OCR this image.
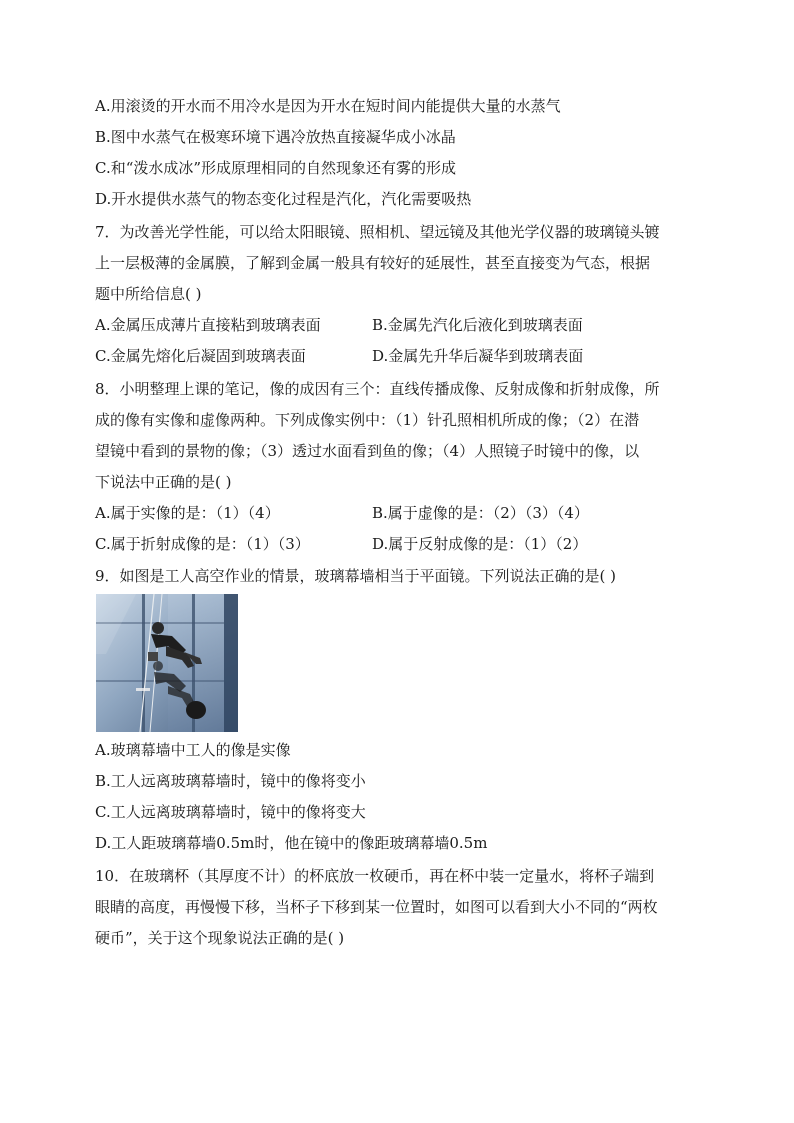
A.用滚烫的开水而不用冷水是因为开水在短时间内能提供大量的水蒸气
B.图中水蒸气在极寒环境下遇冷放热直接凝华成小冰晶
C.和“泼水成冰”形成原理相同的自然现象还有雾的形成
D.开水提供水蒸气的物态变化过程是汽化，汽化需要吸热
7．为改善光学性能，可以给太阳眼镜、照相机、望远镜及其他光学仪器的玻璃镜头镀
上一层极薄的金属膜，了解到金属一般具有较好的延展性，甚至直接变为气态，根据
题中所给信息( )
A.金属压成薄片直接粘到玻璃表面	B.金属先汽化后液化到玻璃表面
C.金属先熔化后凝固到玻璃表面	D.金属先升华后凝华到玻璃表面
8．小明整理上课的笔记，像的成因有三个：直线传播成像、反射成像和折射成像，所
成的像有实像和虚像两种。下列成像实例中：（1）针孔照相机所成的像；（2）在潜
望镜中看到的景物的像；（3）透过水面看到鱼的像；（4）人照镜子时镜中的像，以
下说法中正确的是( )
A.属于实像的是：（1）（4）	B.属于虚像的是：（2）（3）（4）
C.属于折射成像的是：（1）（3）	D.属于反射成像的是：（1）（2）
9．如图是工人高空作业的情景，玻璃幕墙相当于平面镜。下列说法正确的是( )
A.玻璃幕墙中工人的像是实像
B.工人远离玻璃幕墙时，镜中的像将变小
C.工人远离玻璃幕墙时，镜中的像将变大
D.工人距玻璃幕墙0.5m时，他在镜中的像距玻璃幕墙0.5m
10．在玻璃杯（其厚度不计）的杯底放一枚硬币，再在杯中装一定量水，将杯子端到
眼睛的高度，再慢慢下移，当杯子下移到某一位置时，如图可以看到大小不同的“两枚
硬币”，关于这个现象说法正确的是( )
